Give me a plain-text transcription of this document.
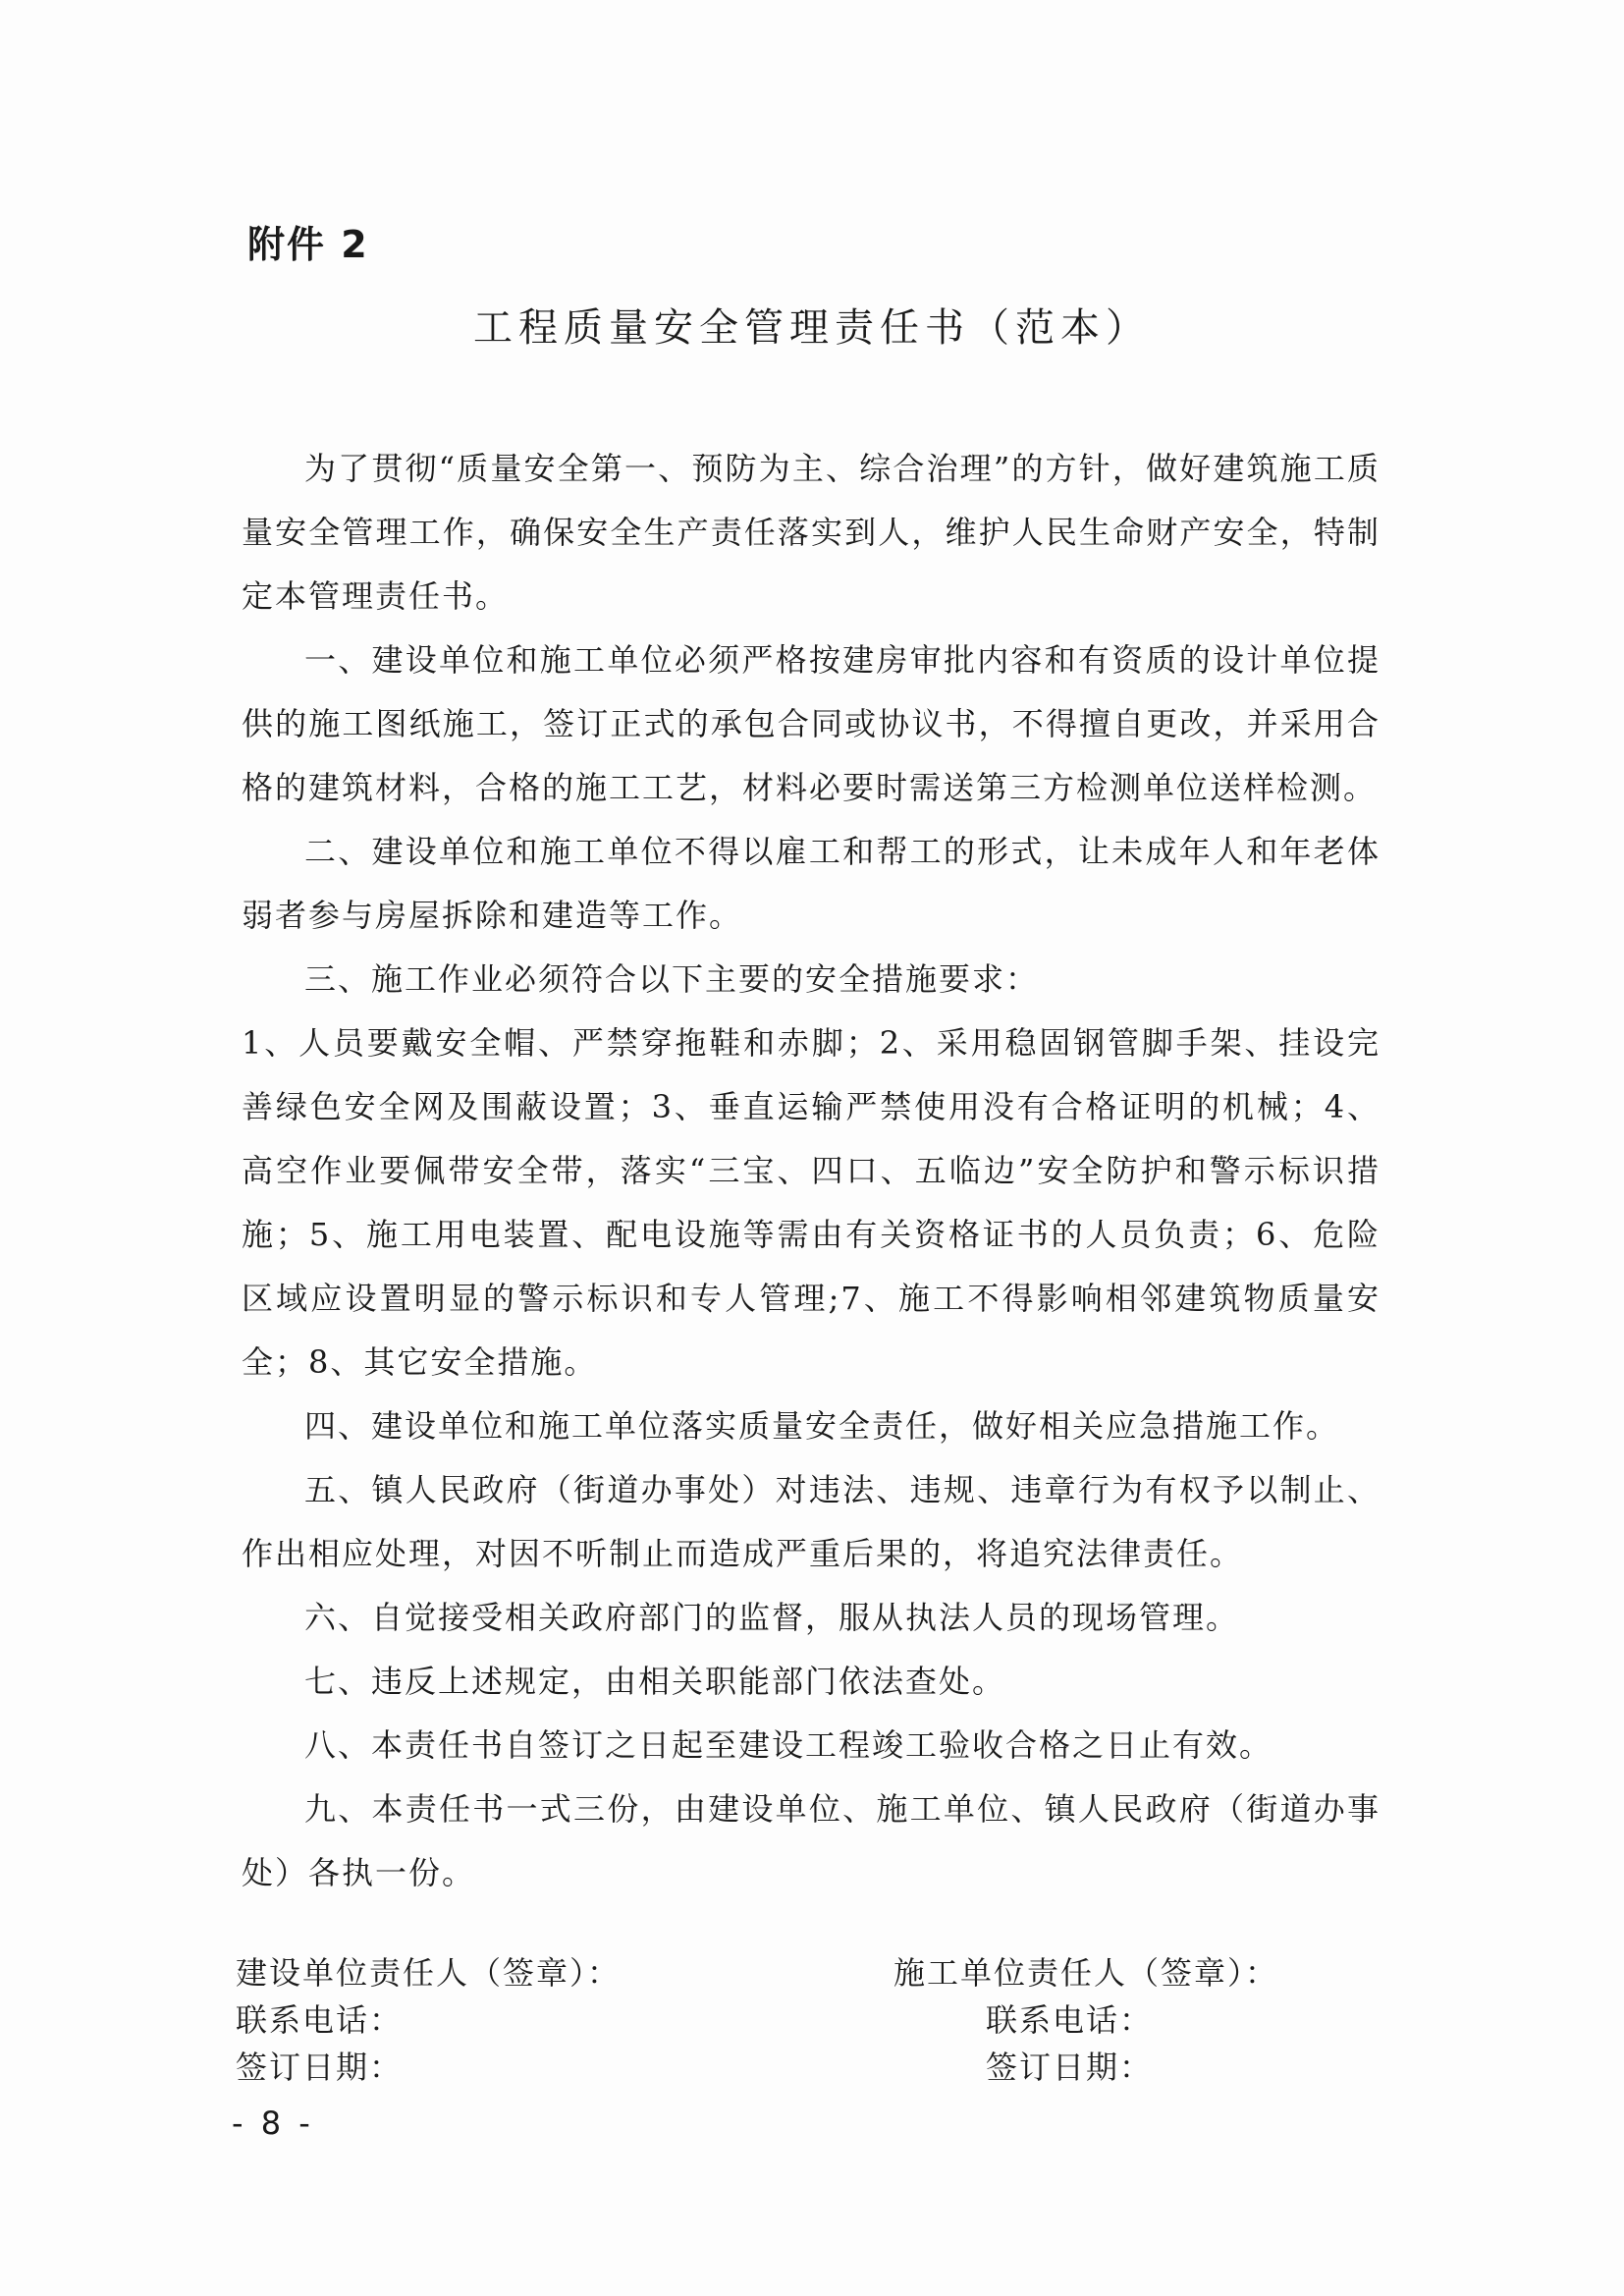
附件 2
工程质量安全管理责任书（范本）

为了贯彻“质量安全第一、预防为主、综合治理”的方针，做好建筑施工质量安全管理工作，确保安全生产责任落实到人，维护人民生命财产安全，特制定本管理责任书。

一、建设单位和施工单位必须严格按建房审批内容和有资质的设计单位提供的施工图纸施工，签订正式的承包合同或协议书，不得擅自更改，并采用合格的建筑材料，合格的施工工艺，材料必要时需送第三方检测单位送样检测。

二、建设单位和施工单位不得以雇工和帮工的形式，让未成年人和年老体弱者参与房屋拆除和建造等工作。

三、施工作业必须符合以下主要的安全措施要求：

1、人员要戴安全帽、严禁穿拖鞋和赤脚；2、采用稳固钢管脚手架、挂设完善绿色安全网及围蔽设置；3、垂直运输严禁使用没有合格证明的机械；4、高空作业要佩带安全带，落实“三宝、四口、五临边”安全防护和警示标识措施；5、施工用电装置、配电设施等需由有关资格证书的人员负责；6、危险区域应设置明显的警示标识和专人管理;7、施工不得影响相邻建筑物质量安全；8、其它安全措施。

四、建设单位和施工单位落实质量安全责任，做好相关应急措施工作。

五、镇人民政府（街道办事处）对违法、违规、违章行为有权予以制止、作出相应处理，对因不听制止而造成严重后果的，将追究法律责任。

六、自觉接受相关政府部门的监督，服从执法人员的现场管理。

七、违反上述规定，由相关职能部门依法查处。

八、本责任书自签订之日起至建设工程竣工验收合格之日止有效。

九、本责任书一式三份，由建设单位、施工单位、镇人民政府（街道办事处）各执一份。

建设单位责任人（签章）：
联系电话：
签订日期：
施工单位责任人（签章）：
联系电话：
签订日期：
- 8 -
